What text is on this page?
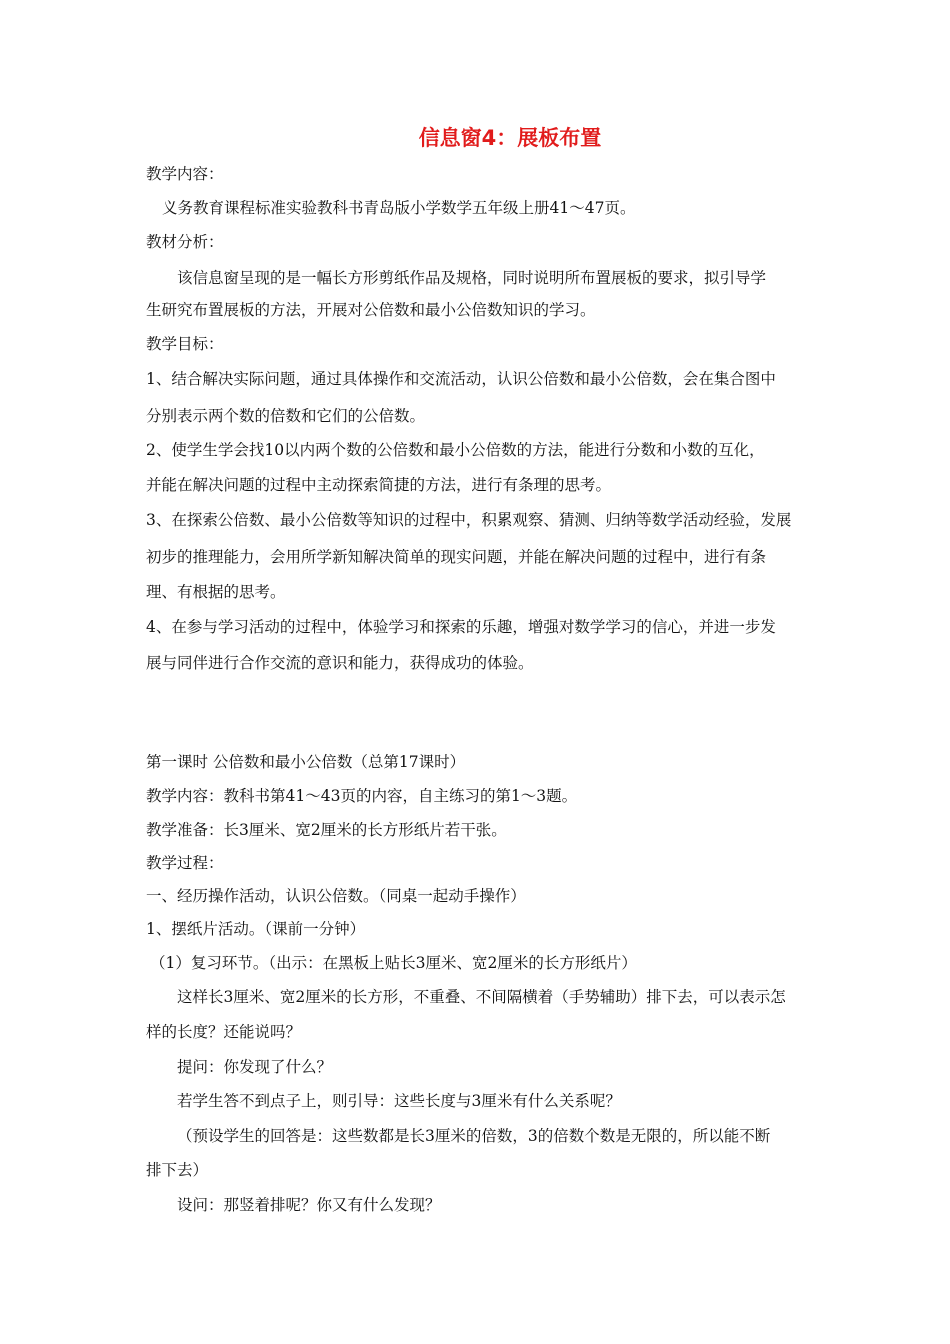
信息窗4：展板布置
教学内容：
义务教育课程标准实验教科书青岛版小学数学五年级上册41～47页。
教材分析：
该信息窗呈现的是一幅长方形剪纸作品及规格，同时说明所布置展板的要求，拟引导学
生研究布置展板的方法，开展对公倍数和最小公倍数知识的学习。
教学目标：
1、结合解决实际问题，通过具体操作和交流活动，认识公倍数和最小公倍数，会在集合图中
分别表示两个数的倍数和它们的公倍数。
2、使学生学会找10以内两个数的公倍数和最小公倍数的方法，能进行分数和小数的互化，
并能在解决问题的过程中主动探索简捷的方法，进行有条理的思考。
3、在探索公倍数、最小公倍数等知识的过程中，积累观察、猜测、归纳等数学活动经验，发展
初步的推理能力，会用所学新知解决简单的现实问题，并能在解决问题的过程中，进行有条
理、有根据的思考。
4、在参与学习活动的过程中，体验学习和探索的乐趣，增强对数学学习的信心，并进一步发
展与同伴进行合作交流的意识和能力，获得成功的体验。
第一课时 公倍数和最小公倍数（总第17课时）
教学内容：教科书第41～43页的内容，自主练习的第1～3题。
教学准备：长3厘米、宽2厘米的长方形纸片若干张。
教学过程：
一、经历操作活动，认识公倍数。（同桌一起动手操作）
1、摆纸片活动。（课前一分钟）
（1）复习环节。（出示：在黑板上贴长3厘米、宽2厘米的长方形纸片）
这样长3厘米、宽2厘米的长方形，不重叠、不间隔横着（手势辅助）排下去，可以表示怎
样的长度？还能说吗？
提问：你发现了什么？
若学生答不到点子上，则引导：这些长度与3厘米有什么关系呢？
（预设学生的回答是：这些数都是长3厘米的倍数，3的倍数个数是无限的，所以能不断
排下去）
设问：那竖着排呢？你又有什么发现？
